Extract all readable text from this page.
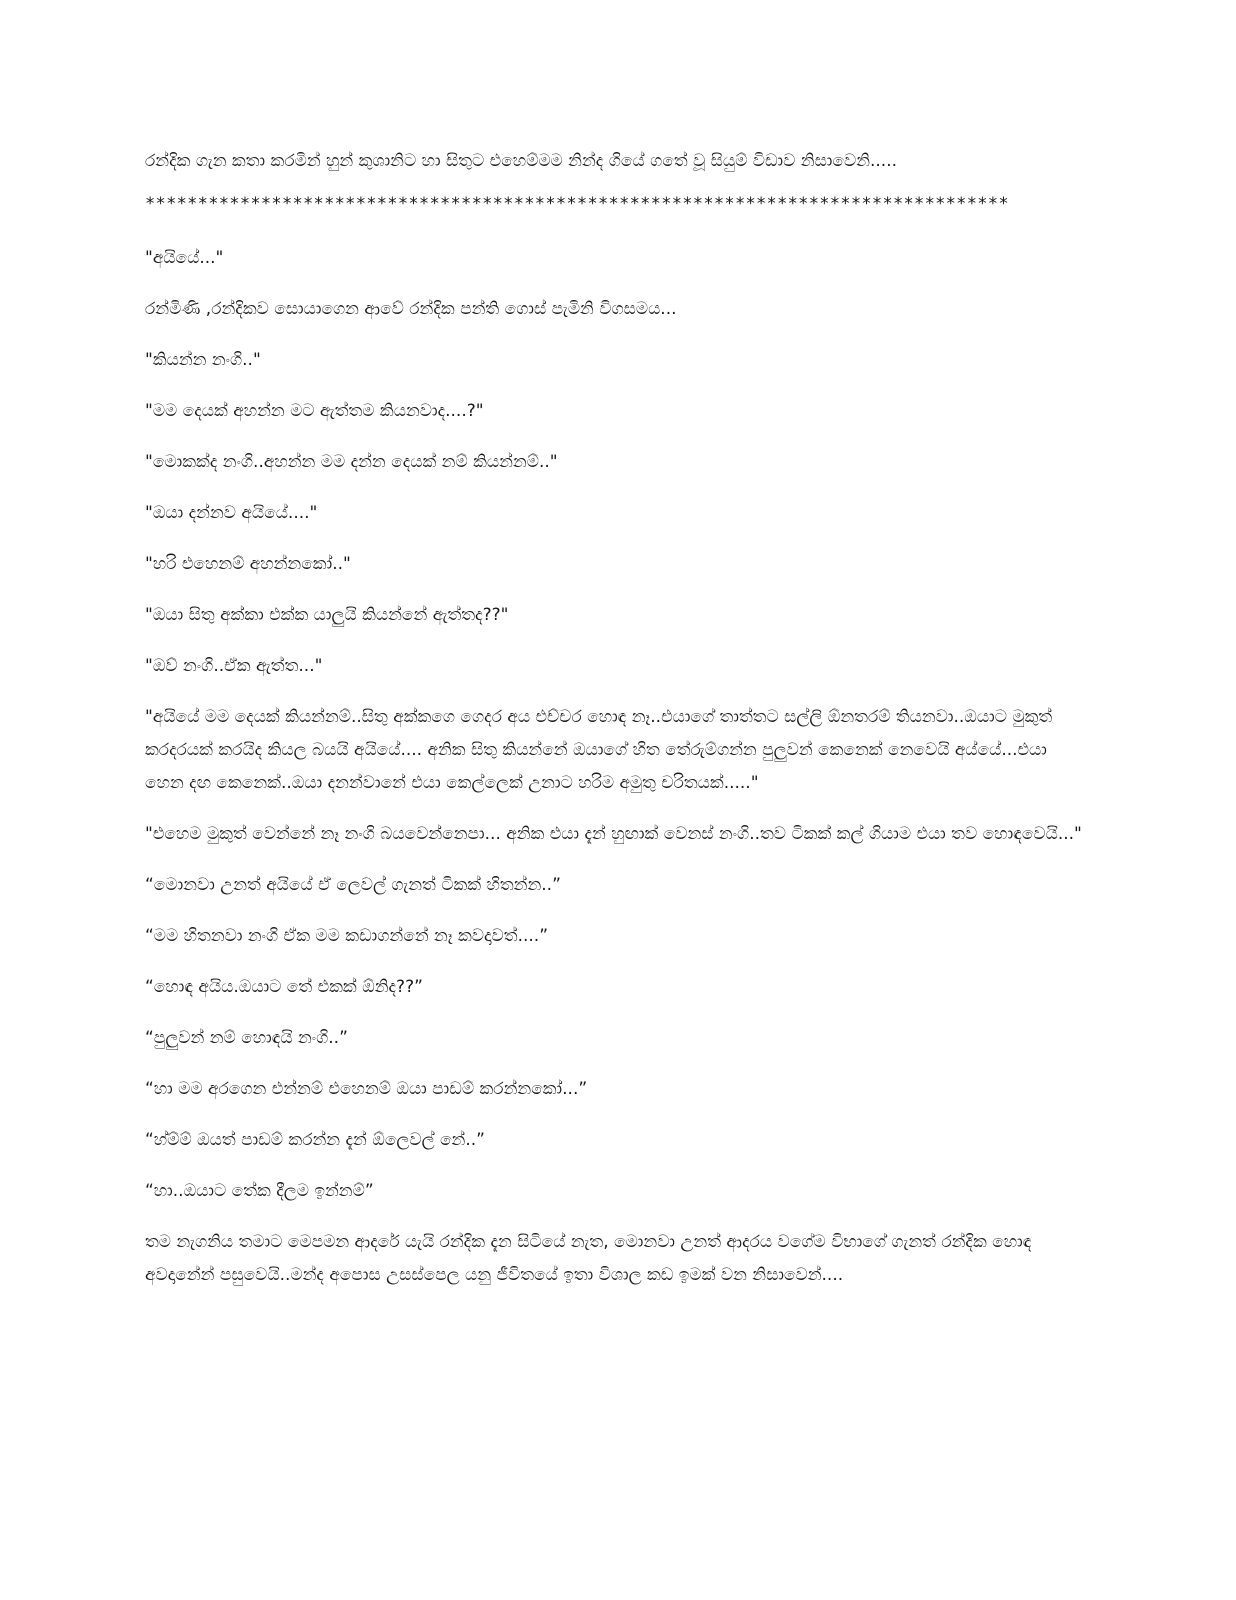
රන්දික ගැන කතා කරමින් හුන් කුශානිට හා සිතුට එහෙම්මම නින්ද ගියේ ගතේ වූ සියුම් විඩාව නිසාවෙනි.....

**********************************************************************************

"අයියේ..."

රන්මිණි ,රන්දිකව සොයාගෙන ආවේ රන්දික පන්ති ගොස් පැමිනි විගසමය...

"කියන්න නංගි.."

"මම දෙයක් අහන්න මට ඇත්තම කියනවාද....?"

"මොකක්ද නංගි..අහන්න මම දන්න දෙයක් නම් කියන්නම්.."

"ඔයා දන්නව අයියේ...."

"හරි එහෙනම් අහන්නකෝ.."

"ඔයා සිතු අක්කා එක්ක යාලුයි කියන්නේ ඇත්තද??"

"ඔව් නංගි..ඒක ඇත්ත..."

"අයියේ මම දෙයක් කියන්නම්..සිතු අක්කගෙ ගෙදර අය එච්චර හොඳ නෑ..එයාගේ තාත්තට සල්ලි ඕනතරම් තියනවා..ඔයාට මුකුත් කරදරයක් කරයිද කියල බයයි අයියේ.... අනික සිතු කියන්නේ ඔයාගේ හිත තේරුම්ගන්න පුලුවන් කෙනෙක් නෙවෙයි අය්යේ...එයා හෙන දඟ කෙනෙක්..ඔයා දනන්වානේ එයා කෙල්ලෙක් උනාට හරිම අමුතු චරිතයක්....."

"එහෙම මුකුත් වෙන්නේ නෑ නංගි බයවෙන්නෙපා... අනික එයා දැන් හුඟාක් වෙනස් නංගි..තව ටිකක් කල් ගියාම එයා තව හොඳවෙයි..."

“මොනවා උනත් අයියේ ඒ ලෙවල් ගැනත් ටිකක් හිතන්න..”

“මම හිතනවා නංගි ඒක මම කඩාගන්නේ නෑ කවදාවත්....”

“හොඳ අයිය.ඔයාට තේ එකක් ඕනිද??”

“පුලුවන් නම් හොඳයි නංගි..”

“හා මම අරගෙන එන්නම් එහෙනම් ඔයා පාඩම් කරන්නකෝ...”

“හ්ම්ම් ඔයත් පාඩම් කරන්න දැන් ඕලෙවල් නේ..”

“හා..ඔයාට තේක දීලම ඉන්නම්”

තම නැගනිය තමාට මෙපමන ආදරේ යැයි රන්දික දැන සිටියේ නැත, මොනවා උනත් ආදරය වගේම විභාගේ ගැනත් රන්දික හොඳ අවදානේන් පසුවෙයි..මන්ද අපොස උසස්පෙල යනු ජීවිතයේ ඉතා විශාල කඩ ඉමක් වන නිසාවෙන්....
